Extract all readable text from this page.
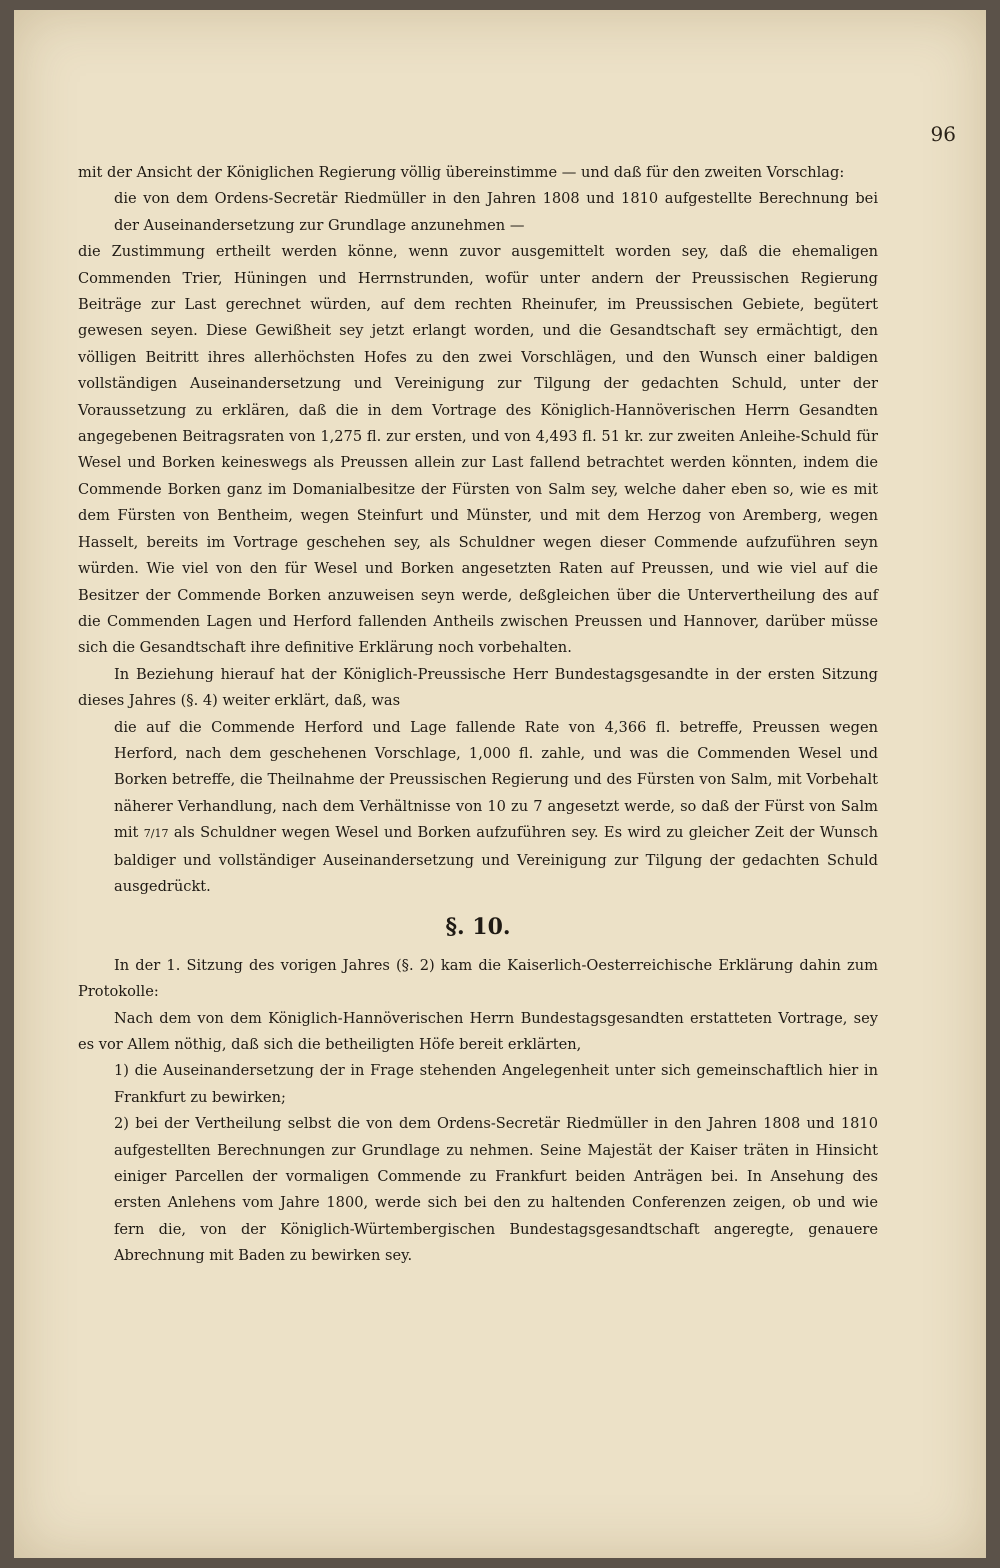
96

mit der Ansicht der Königlichen Regierung völlig übereinstimme — und daß für den zweiten Vorschlag:

die von dem Ordens-Secretär Riedmüller in den Jahren 1808 und 1810 aufgestellte Berechnung bei der Auseinandersetzung zur Grundlage anzunehmen —

die Zustimmung ertheilt werden könne, wenn zuvor ausgemittelt worden sey, daß die ehemaligen Commenden Trier, Hüningen und Herrnstrunden, wofür unter andern der Preussischen Regierung Beiträge zur Last gerechnet würden, auf dem rechten Rheinufer, im Preussischen Gebiete, begütert gewesen seyen. Diese Gewißheit sey jetzt erlangt worden, und die Gesandtschaft sey ermächtigt, den völligen Beitritt ihres allerhöchsten Hofes zu den zwei Vorschlägen, und den Wunsch einer baldigen vollständigen Auseinandersetzung und Vereinigung zur Tilgung der gedachten Schuld, unter der Voraussetzung zu erklären, daß die in dem Vortrage des Königlich-Hannöverischen Herrn Gesandten angegebenen Beitragsraten von 1,275 fl. zur ersten, und von 4,493 fl. 51 kr. zur zweiten Anleihe-Schuld für Wesel und Borken keineswegs als Preussen allein zur Last fallend betrachtet werden könnten, indem die Commende Borken ganz im Domanialbesitze der Fürsten von Salm sey, welche daher eben so, wie es mit dem Fürsten von Bentheim, wegen Steinfurt und Münster, und mit dem Herzog von Aremberg, wegen Hasselt, bereits im Vortrage geschehen sey, als Schuldner wegen dieser Commende aufzuführen seyn würden. Wie viel von den für Wesel und Borken angesetzten Raten auf Preussen, und wie viel auf die Besitzer der Commende Borken anzuweisen seyn werde, deßgleichen über die Untervertheilung des auf die Commenden Lagen und Herford fallenden Antheils zwischen Preussen und Hannover, darüber müsse sich die Gesandtschaft ihre definitive Erklärung noch vorbehalten.

In Beziehung hierauf hat der Königlich-Preussische Herr Bundestagsgesandte in der ersten Sitzung dieses Jahres (§. 4) weiter erklärt, daß, was

die auf die Commende Herford und Lage fallende Rate von 4,366 fl. betreffe, Preussen wegen Herford, nach dem geschehenen Vorschlage, 1,000 fl. zahle, und was die Commenden Wesel und Borken betreffe, die Theilnahme der Preussischen Regierung und des Fürsten von Salm, mit Vorbehalt näherer Verhandlung, nach dem Verhältnisse von 10 zu 7 angesetzt werde, so daß der Fürst von Salm mit 7/17 als Schuldner wegen Wesel und Borken aufzuführen sey. Es wird zu gleicher Zeit der Wunsch baldiger und vollständiger Auseinandersetzung und Vereinigung zur Tilgung der gedachten Schuld ausgedrückt.

§. 10.

In der 1. Sitzung des vorigen Jahres (§. 2) kam die Kaiserlich-Oesterreichische Erklärung dahin zum Protokolle:

Nach dem von dem Königlich-Hannöverischen Herrn Bundestagsgesandten erstatteten Vortrage, sey es vor Allem nöthig, daß sich die betheiligten Höfe bereit erklärten,

1) die Auseinandersetzung der in Frage stehenden Angelegenheit unter sich gemeinschaftlich hier in Frankfurt zu bewirken;

2) bei der Vertheilung selbst die von dem Ordens-Secretär Riedmüller in den Jahren 1808 und 1810 aufgestellten Berechnungen zur Grundlage zu nehmen. Seine Majestät der Kaiser träten in Hinsicht einiger Parcellen der vormaligen Commende zu Frankfurt beiden Anträgen bei. In Ansehung des ersten Anlehens vom Jahre 1800, werde sich bei den zu haltenden Conferenzen zeigen, ob und wie fern die, von der Königlich-Würtembergischen Bundestagsgesandtschaft angeregte, genauere Abrechnung mit Baden zu bewirken sey.
